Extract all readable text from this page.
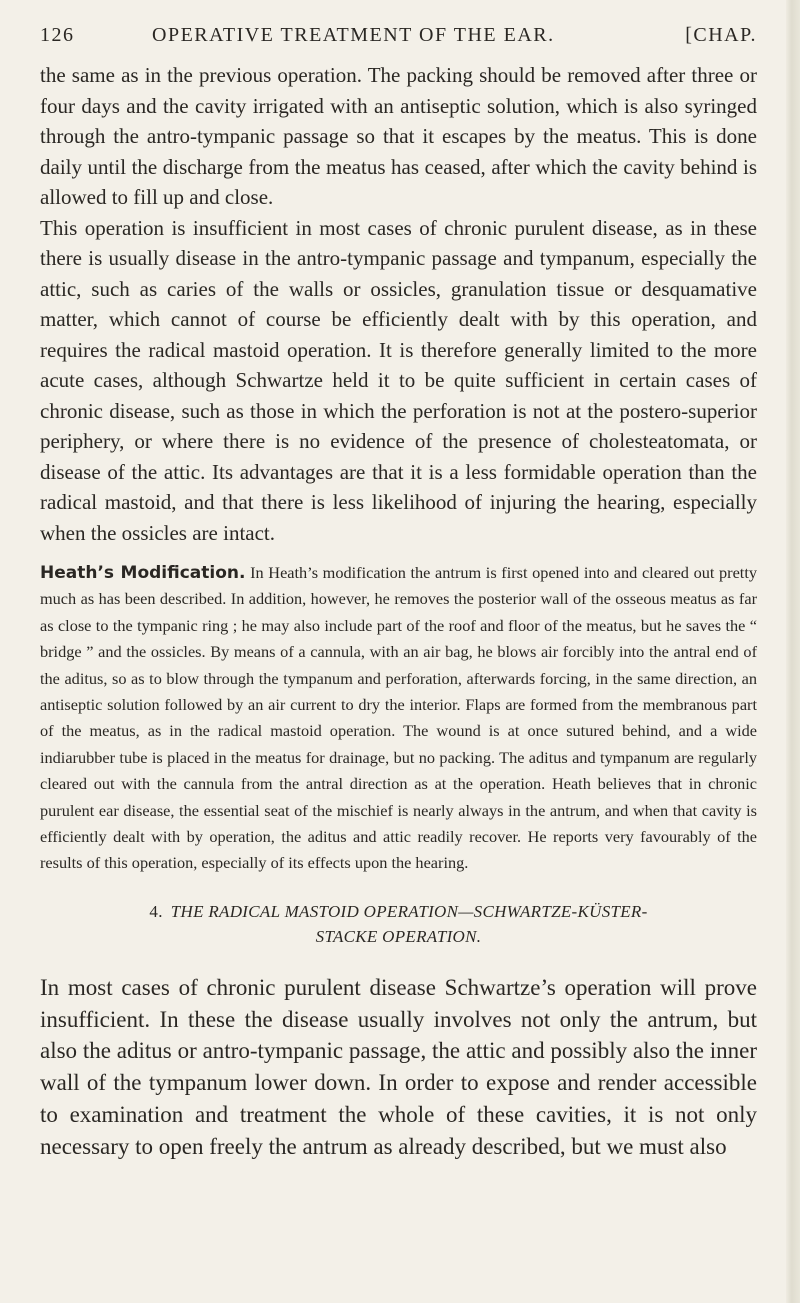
126	OPERATIVE TREATMENT OF THE EAR.	[CHAP.

the same as in the previous operation. The packing should be removed after three or four days and the cavity irrigated with an antiseptic solution, which is also syringed through the antro-tympanic passage so that it escapes by the meatus. This is done daily until the discharge from the meatus has ceased, after which the cavity behind is allowed to fill up and close.

This operation is insufficient in most cases of chronic purulent disease, as in these there is usually disease in the antro-tympanic passage and tympanum, especially the attic, such as caries of the walls or ossicles, granulation tissue or desquamative matter, which cannot of course be efficiently dealt with by this operation, and requires the radical mastoid operation. It is therefore generally limited to the more acute cases, although Schwartze held it to be quite sufficient in certain cases of chronic disease, such as those in which the perforation is not at the postero-superior periphery, or where there is no evidence of the presence of cholesteatomata, or disease of the attic. Its advantages are that it is a less formidable operation than the radical mastoid, and that there is less likelihood of injuring the hearing, especially when the ossicles are intact.

Heath’s Modification. In Heath’s modification the antrum is first opened into and cleared out pretty much as has been described. In addition, however, he removes the posterior wall of the osseous meatus as far as close to the tympanic ring ; he may also include part of the roof and floor of the meatus, but he saves the “ bridge ” and the ossicles. By means of a cannula, with an air bag, he blows air forcibly into the antral end of the aditus, so as to blow through the tympanum and perforation, afterwards forcing, in the same direction, an antiseptic solution followed by an air current to dry the interior. Flaps are formed from the membranous part of the meatus, as in the radical mastoid operation. The wound is at once sutured behind, and a wide indiarubber tube is placed in the meatus for drainage, but no packing. The aditus and tympanum are regularly cleared out with the cannula from the antral direction as at the operation. Heath believes that in chronic purulent ear disease, the essential seat of the mischief is nearly always in the antrum, and when that cavity is efficiently dealt with by operation, the aditus and attic readily recover. He reports very favourably of the results of this operation, especially of its effects upon the hearing.
4. THE RADICAL MASTOID OPERATION—SCHWARTZE-KÜSTER-
STACKE OPERATION.

In most cases of chronic purulent disease Schwartze’s operation will prove insufficient. In these the disease usually involves not only the antrum, but also the aditus or antro-tympanic passage, the attic and possibly also the inner wall of the tympanum lower down. In order to expose and render accessible to examination and treatment the whole of these cavities, it is not only necessary to open freely the antrum as already described, but we must also
